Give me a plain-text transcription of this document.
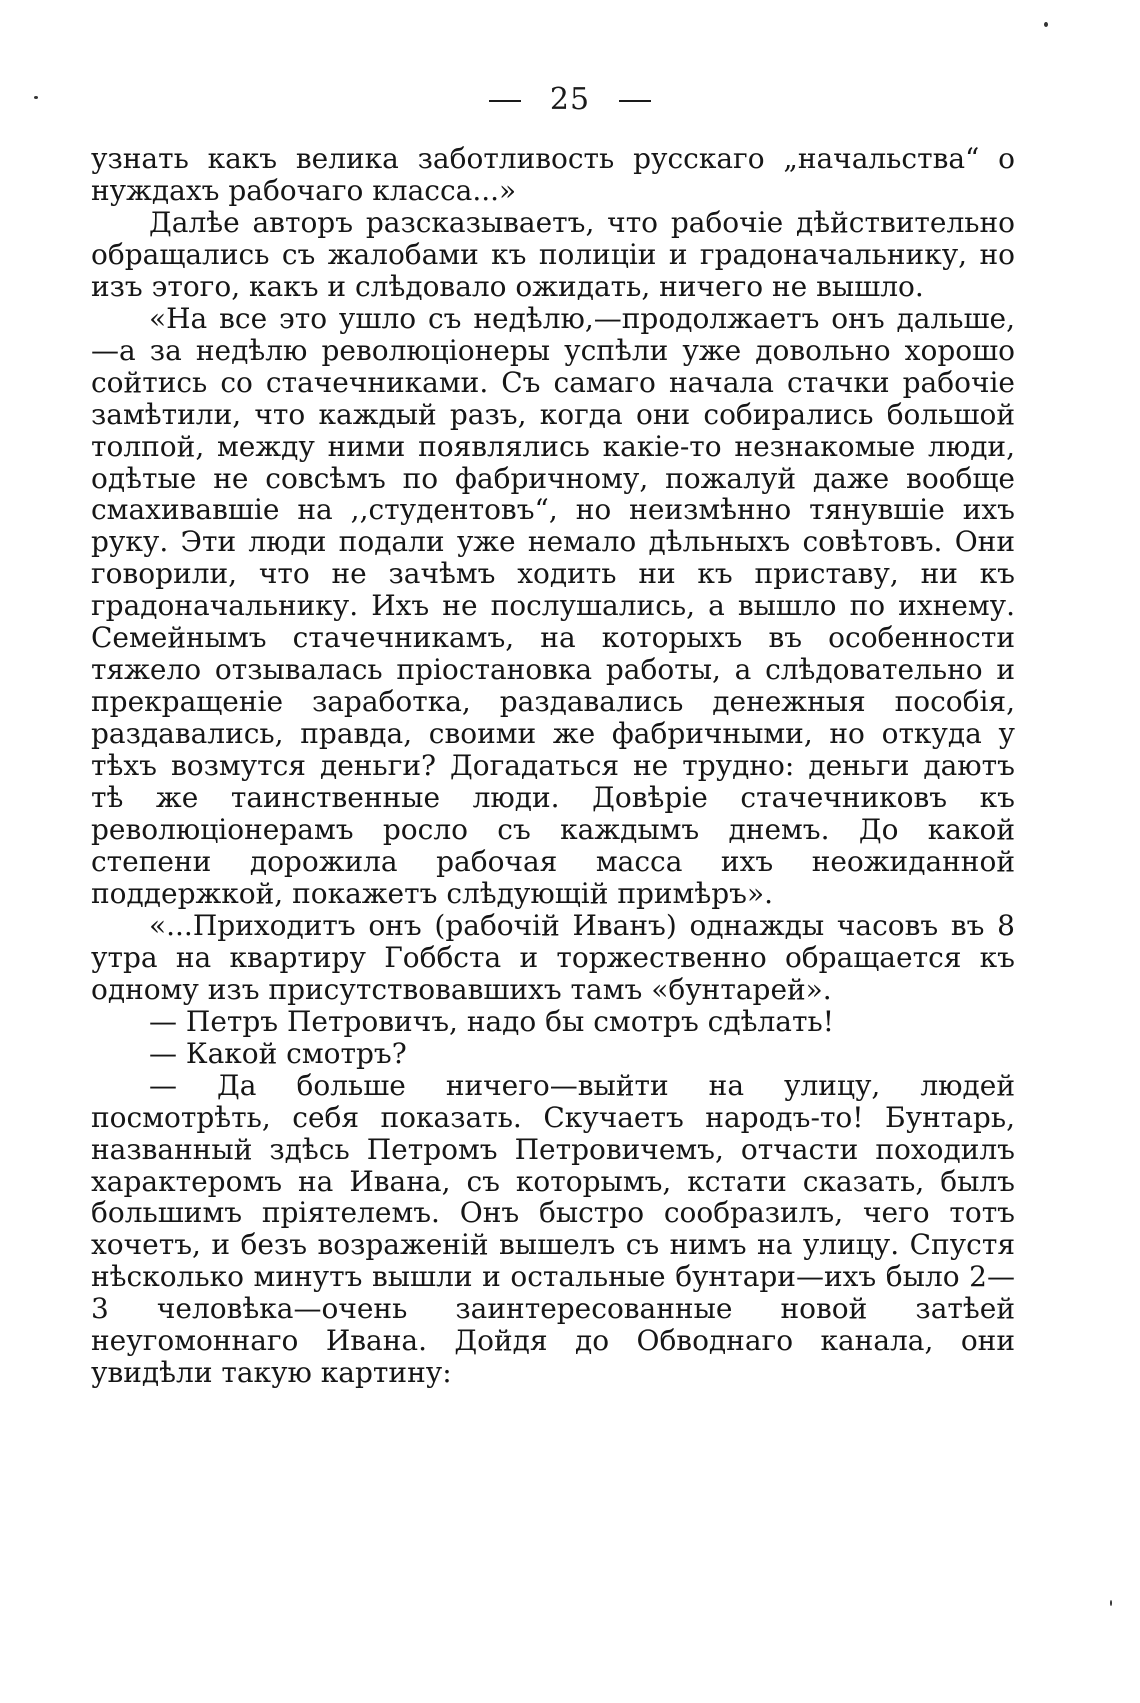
25

узнать какъ велика заботливость русскаго „начальства“ о нуждахъ рабочаго класса...»

Далѣе авторъ разсказываетъ, что рабочіе дѣйствительно обращались съ жалобами къ полиціи и градоначальнику, но изъ этого, какъ и слѣдовало ожидать, ничего не вышло.

«На все это ушло съ недѣлю,—продолжаетъ онъ дальше,—а за недѣлю революціонеры успѣли уже довольно хорошо сойтись со стачечниками. Съ самаго начала стачки рабочіе замѣтили, что каждый разъ, когда они собирались большой толпой, между ними появлялись какіе-то незнакомые люди, одѣтые не совсѣмъ по фабричному, пожалуй даже вообще смахивавшіе на ,,студентовъ“, но неизмѣнно тянувшіе ихъ руку. Эти люди подали уже немало дѣльныхъ совѣтовъ. Они говорили, что не зачѣмъ ходить ни къ приставу, ни къ градоначальнику. Ихъ не послушались, а вышло по ихнему. Семейнымъ стачечникамъ, на которыхъ въ особенности тяжело отзывалась пріостановка работы, а слѣдовательно и прекращеніе заработка, раздавались денежныя пособія, раздавались, правда, своими же фабричными, но откуда у тѣхъ возмутся деньги? Догадаться не трудно: деньги даютъ тѣ же таинственные люди. Довѣріе стачечниковъ къ революціонерамъ росло съ каждымъ днемъ. До какой степени дорожила рабочая масса ихъ неожиданной поддержкой, покажетъ слѣдующій примѣръ».

«...Приходитъ онъ (рабочій Иванъ) однажды часовъ въ 8 утра на квартиру Гоббста и торжественно обращается къ одному изъ присутствовавшихъ тамъ «бунтарей».

— Петръ Петровичъ, надо бы смотръ сдѣлать!

— Какой смотръ?

— Да больше ничего—выйти на улицу, людей посмотрѣть, себя показать. Скучаетъ народъ-то! Бунтарь, названный здѣсь Петромъ Петровичемъ, отчасти походилъ характеромъ на Ивана, съ которымъ, кстати сказать, былъ большимъ пріятелемъ. Онъ быстро сообразилъ, чего тотъ хочетъ, и безъ возраженій вышелъ съ нимъ на улицу. Спустя нѣсколько минутъ вышли и остальные бунтари—ихъ было 2—3 человѣка—очень заинтересованные новой затѣей неугомоннаго Ивана. Дойдя до Обводнаго канала, они увидѣли такую картину:
